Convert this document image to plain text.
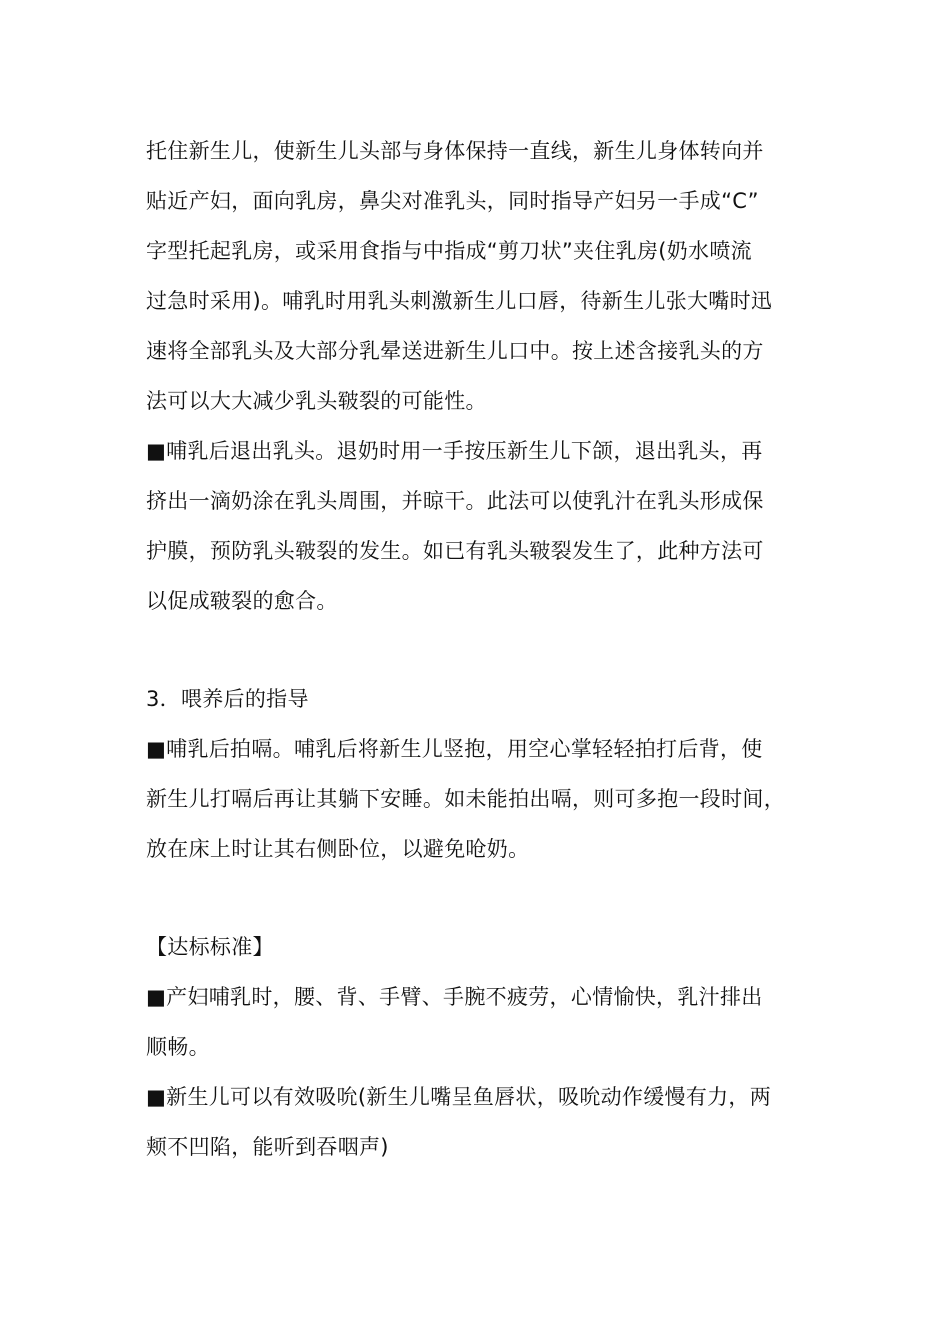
托住新生儿，使新生儿头部与身体保持一直线，新生儿身体转向并
贴近产妇，面向乳房，鼻尖对准乳头，同时指导产妇另一手成“C”
字型托起乳房，或采用食指与中指成“剪刀状”夹住乳房(奶水喷流
过急时采用)。哺乳时用乳头刺激新生儿口唇，待新生儿张大嘴时迅
速将全部乳头及大部分乳晕送进新生儿口中。按上述含接乳头的方
法可以大大减少乳头皲裂的可能性。
■哺乳后退出乳头。退奶时用一手按压新生儿下颌，退出乳头，再
挤出一滴奶涂在乳头周围，并晾干。此法可以使乳汁在乳头形成保
护膜，预防乳头皲裂的发生。如已有乳头皲裂发生了，此种方法可
以促成皲裂的愈合。
3．喂养后的指导
■哺乳后拍嗝。哺乳后将新生儿竖抱，用空心掌轻轻拍打后背，使
新生儿打嗝后再让其躺下安睡。如未能拍出嗝，则可多抱一段时间，
放在床上时让其右侧卧位，以避免呛奶。
【达标标准】
■产妇哺乳时，腰、背、手臂、手腕不疲劳，心情愉快，乳汁排出
顺畅。
■新生儿可以有效吸吮(新生儿嘴呈鱼唇状，吸吮动作缓慢有力，两
颊不凹陷，能听到吞咽声)
